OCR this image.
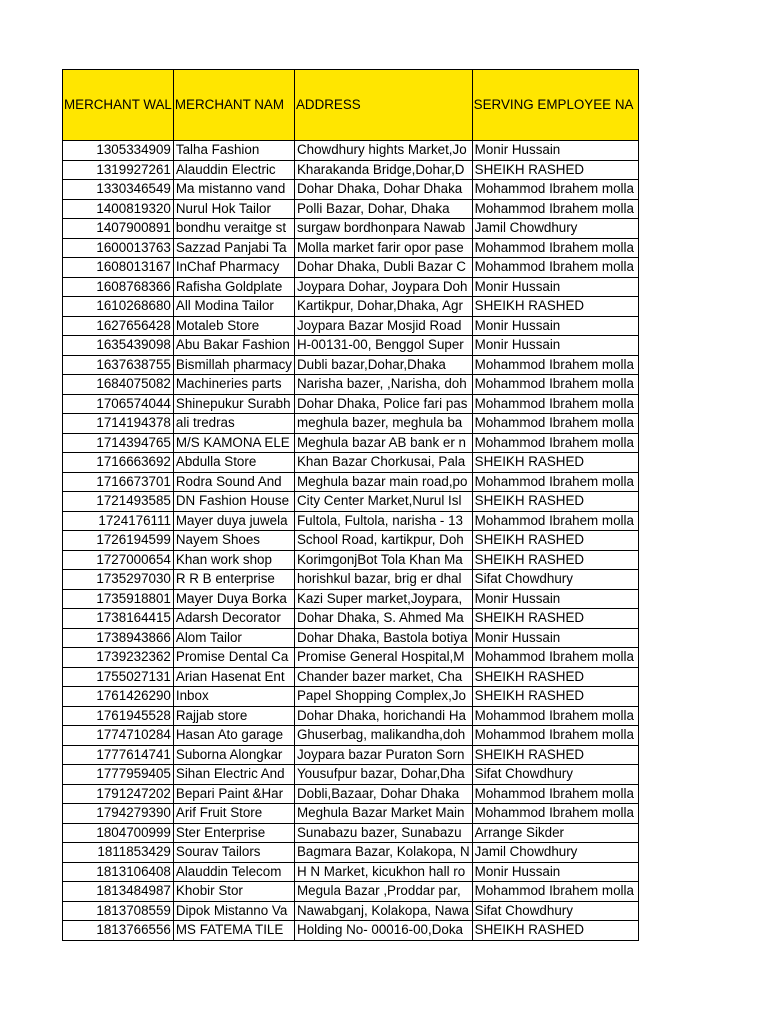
MERCHANT WAL	MERCHANT NAM	ADDRESS	SERVING EMPLOYEE NA
1305334909	Talha Fashion	Chowdhury hights Market,Jo	Monir Hussain
1319927261	Alauddin Electric	Kharakanda Bridge,Dohar,D	SHEIKH RASHED
1330346549	Ma mistanno vand	Dohar Dhaka, Dohar Dhaka	Mohammod Ibrahem molla
1400819320	Nurul Hok Tailor	Polli Bazar, Dohar, Dhaka	Mohammod Ibrahem molla
1407900891	bondhu veraitge st	surgaw bordhonpara Nawab	Jamil Chowdhury
1600013763	Sazzad Panjabi Ta	Molla market farir opor pase	Mohammod Ibrahem molla
1608013167	InChaf Pharmacy	Dohar Dhaka, Dubli Bazar C	Mohammod Ibrahem molla
1608768366	Rafisha Goldplate	Joypara Dohar, Joypara Doh	Monir Hussain
1610268680	All Modina Tailor	Kartikpur, Dohar,Dhaka, Agr	SHEIKH RASHED
1627656428	Motaleb Store	Joypara Bazar Mosjid Road	Monir Hussain
1635439098	Abu Bakar Fashion	H-00131-00, Benggol Super	Monir Hussain
1637638755	Bismillah pharmacy	Dubli bazar,Dohar,Dhaka	Mohammod Ibrahem molla
1684075082	Machineries parts	Narisha bazer, ,Narisha, doh	Mohammod Ibrahem molla
1706574044	Shinepukur Surabh	Dohar Dhaka, Police fari pas	Mohammod Ibrahem molla
1714194378	ali tredras	meghula bazer, meghula ba	Mohammod Ibrahem molla
1714394765	M/S KAMONA ELE	Meghula bazar AB bank er n	Mohammod Ibrahem molla
1716663692	Abdulla Store	Khan Bazar Chorkusai, Pala	SHEIKH RASHED
1716673701	Rodra Sound And	Meghula bazar main road,po	Mohammod Ibrahem molla
1721493585	DN Fashion House	City Center Market,Nurul Isl	SHEIKH RASHED
1724176111	Mayer duya juwela	Fultola, Fultola, narisha - 13	Mohammod Ibrahem molla
1726194599	Nayem Shoes	School Road, kartikpur, Doh	SHEIKH RASHED
1727000654	Khan work shop	KorimgonjBot Tola Khan Ma	SHEIKH RASHED
1735297030	R R B enterprise	horishkul bazar, brig er dhal	Sifat Chowdhury
1735918801	Mayer Duya Borka	Kazi Super market,Joypara,	Monir Hussain
1738164415	Adarsh Decorator	Dohar Dhaka, S. Ahmed Ma	SHEIKH RASHED
1738943866	Alom Tailor	Dohar Dhaka, Bastola botiya	Monir Hussain
1739232362	Promise Dental Ca	Promise General Hospital,M	Mohammod Ibrahem molla
1755027131	Arian Hasenat Ent	Chander bazer market, Cha	SHEIKH RASHED
1761426290	Inbox	Papel Shopping Complex,Jo	SHEIKH RASHED
1761945528	Rajjab store	Dohar Dhaka, horichandi Ha	Mohammod Ibrahem molla
1774710284	Hasan Ato garage	Ghuserbag, malikandha,doh	Mohammod Ibrahem molla
1777614741	Suborna Alongkar	Joypara bazar Puraton Sorn	SHEIKH RASHED
1777959405	Sihan Electric And	Yousufpur bazar, Dohar,Dha	Sifat Chowdhury
1791247202	Bepari Paint &Har	Dobli,Bazaar, Dohar Dhaka	Mohammod Ibrahem molla
1794279390	Arif Fruit Store	Meghula Bazar Market Main	Mohammod Ibrahem molla
1804700999	Ster Enterprise	Sunabazu bazer, Sunabazu	Arrange Sikder
1811853429	Sourav Tailors	Bagmara Bazar, Kolakopa, N	Jamil Chowdhury
1813106408	Alauddin Telecom	H N Market, kicukhon hall ro	Monir Hussain
1813484987	Khobir Stor	Megula Bazar ,Proddar par,	Mohammod Ibrahem molla
1813708559	Dipok Mistanno Va	Nawabganj, Kolakopa, Nawa	Sifat Chowdhury
1813766556	MS FATEMA TILE	Holding No- 00016-00,Doka	SHEIKH RASHED
